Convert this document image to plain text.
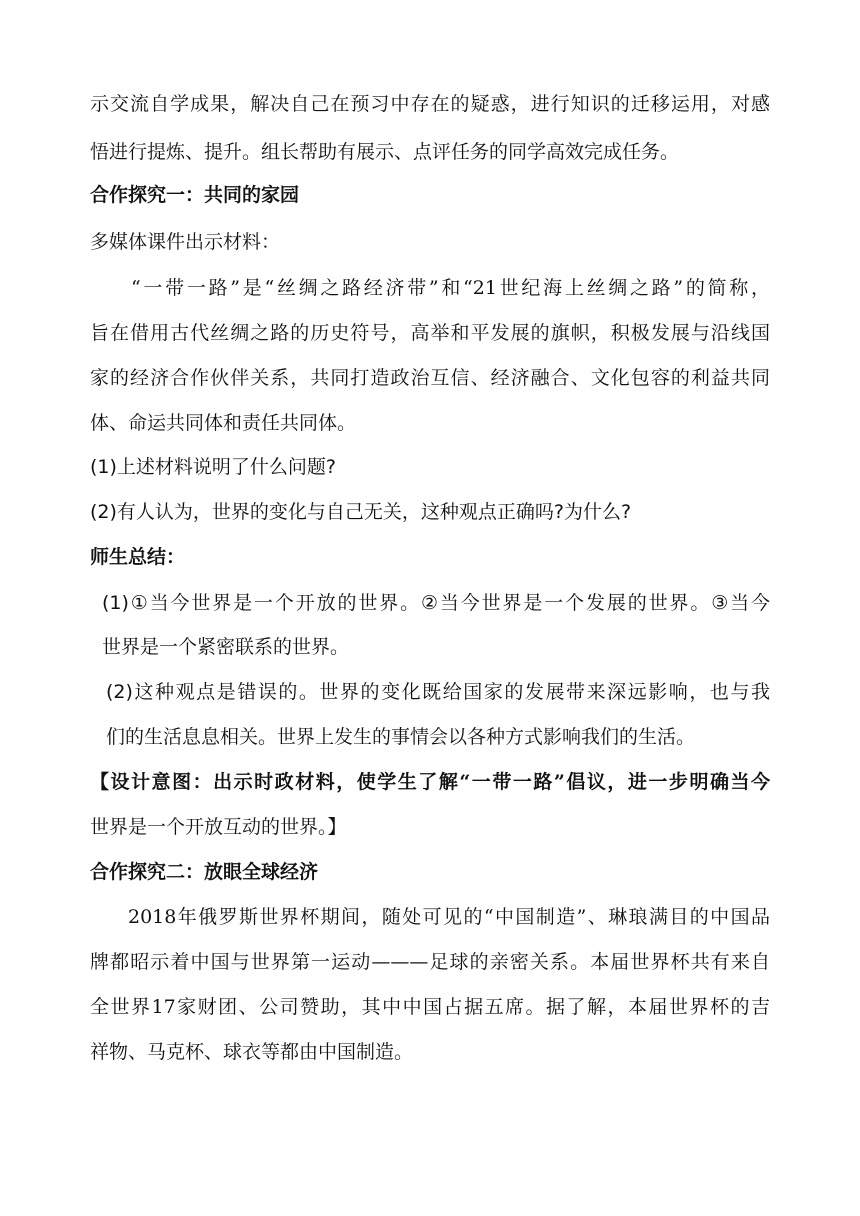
示交流自学成果，解决自己在预习中存在的疑惑，进行知识的迁移运用，对感
悟进行提炼、提升。组长帮助有展示、点评任务的同学高效完成任务。
合作探究一：共同的家园
多媒体课件出示材料：
“一带一路”是“丝绸之路经济带”和“21世纪海上丝绸之路”的简称，
旨在借用古代丝绸之路的历史符号，高举和平发展的旗帜，积极发展与沿线国
家的经济合作伙伴关系，共同打造政治互信、经济融合、文化包容的利益共同
体、命运共同体和责任共同体。
(1)上述材料说明了什么问题?
(2)有人认为，世界的变化与自己无关，这种观点正确吗?为什么?
师生总结：
(1)①当今世界是一个开放的世界。②当今世界是一个发展的世界。③当今
世界是一个紧密联系的世界。
(2)这种观点是错误的。世界的变化既给国家的发展带来深远影响，也与我
们的生活息息相关。世界上发生的事情会以各种方式影响我们的生活。
【设计意图：出示时政材料，使学生了解“一带一路”倡议，进一步明确当今
世界是一个开放互动的世界。】
合作探究二：放眼全球经济
2018年俄罗斯世界杯期间，随处可见的“中国制造”、琳琅满目的中国品
牌都昭示着中国与世界第一运动———足球的亲密关系。本届世界杯共有来自
全世界17家财团、公司赞助，其中中国占据五席。据了解，本届世界杯的吉
祥物、马克杯、球衣等都由中国制造。
